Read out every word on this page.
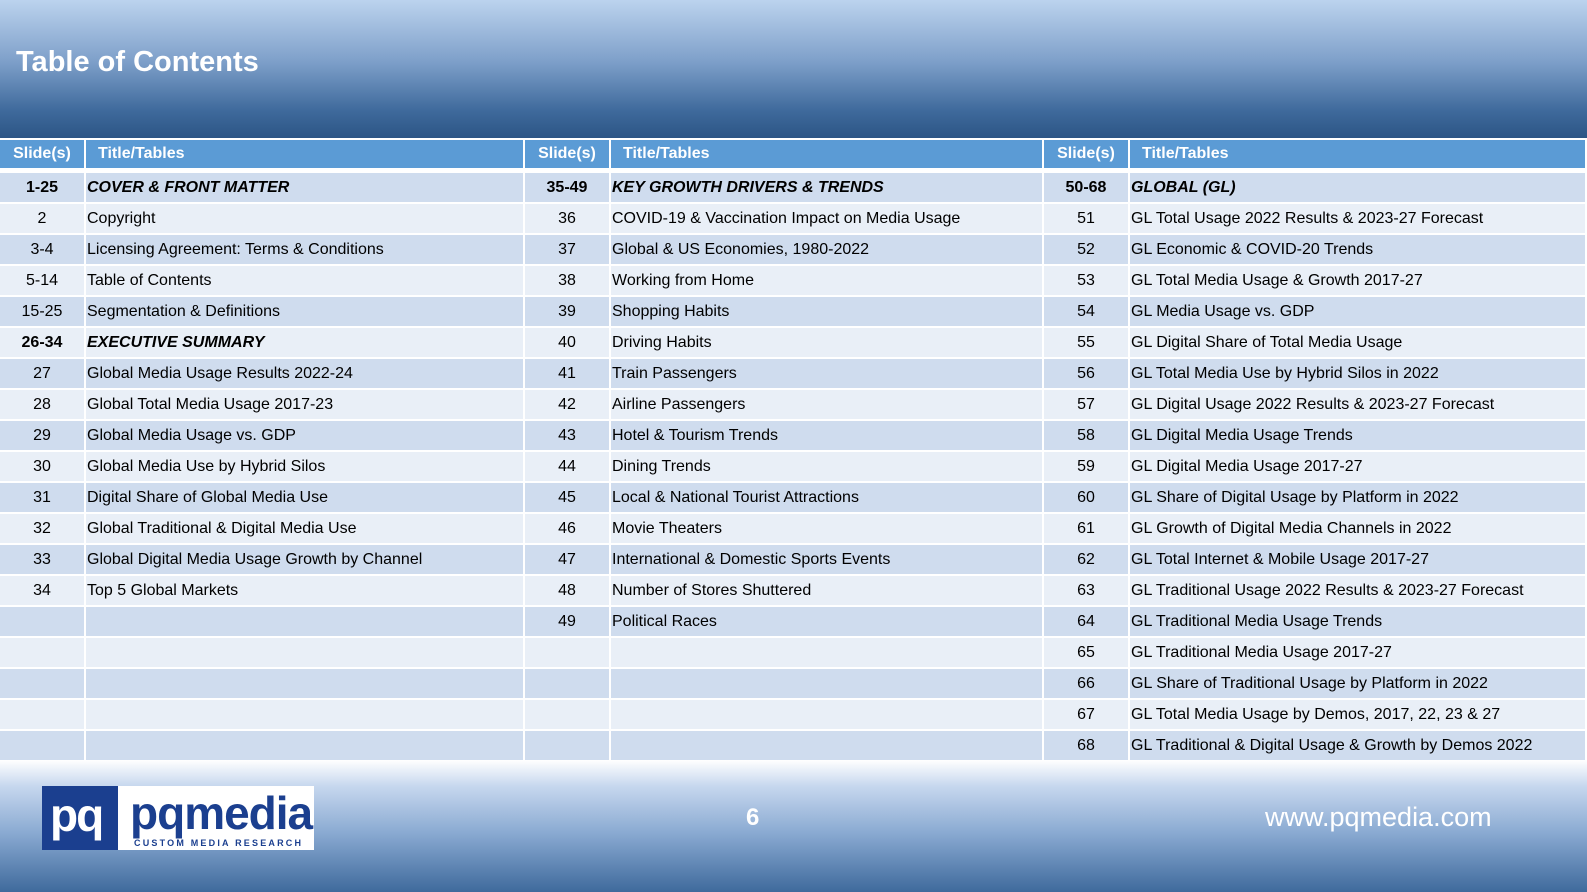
Table of Contents
Slide(s)	Title/Tables
1-25	COVER & FRONT MATTER
2	Copyright
3-4	Licensing Agreement: Terms & Conditions
5-14	Table of Contents
15-25	Segmentation & Definitions
26-34	EXECUTIVE SUMMARY
27	Global Media Usage Results 2022-24
28	Global Total Media Usage 2017-23
29	Global Media Usage vs. GDP
30	Global Media Use by Hybrid Silos
31	Digital Share of Global Media Use
32	Global Traditional & Digital Media Use
33	Global Digital Media Usage Growth by Channel
34	Top 5 Global Markets

Slide(s)	Title/Tables
35-49	KEY GROWTH DRIVERS & TRENDS
36	COVID-19 & Vaccination Impact on Media Usage
37	Global & US Economies, 1980-2022
38	Working from Home
39	Shopping Habits
40	Driving Habits
41	Train Passengers
42	Airline Passengers
43	Hotel & Tourism Trends
44	Dining Trends
45	Local & National Tourist Attractions
46	Movie Theaters
47	International & Domestic Sports Events
48	Number of Stores Shuttered
49	Political Races

Slide(s)	Title/Tables
50-68	GLOBAL (GL)
51	GL Total Usage 2022 Results & 2023-27 Forecast
52	GL Economic & COVID-20 Trends
53	GL Total Media Usage & Growth 2017-27
54	GL Media Usage vs. GDP
55	GL Digital Share of Total Media Usage
56	GL Total Media Use by Hybrid Silos in 2022
57	GL Digital Usage 2022 Results & 2023-27 Forecast
58	GL Digital Media Usage Trends
59	GL Digital Media Usage 2017-27
60	GL Share of Digital Usage by Platform in 2022
61	GL Growth of Digital Media Channels in 2022
62	GL Total Internet & Mobile Usage 2017-27
63	GL Traditional Usage 2022 Results & 2023-27 Forecast
64	GL Traditional Media Usage Trends
65	GL Traditional Media Usage 2017-27
66	GL Share of Traditional Usage by Platform in 2022
67	GL Total Media Usage by Demos, 2017, 22, 23 & 27
68	GL Traditional & Digital Usage & Growth by Demos 2022
pq pqmedia
CUSTOM MEDIA RESEARCH
6	www.pqmedia.com
